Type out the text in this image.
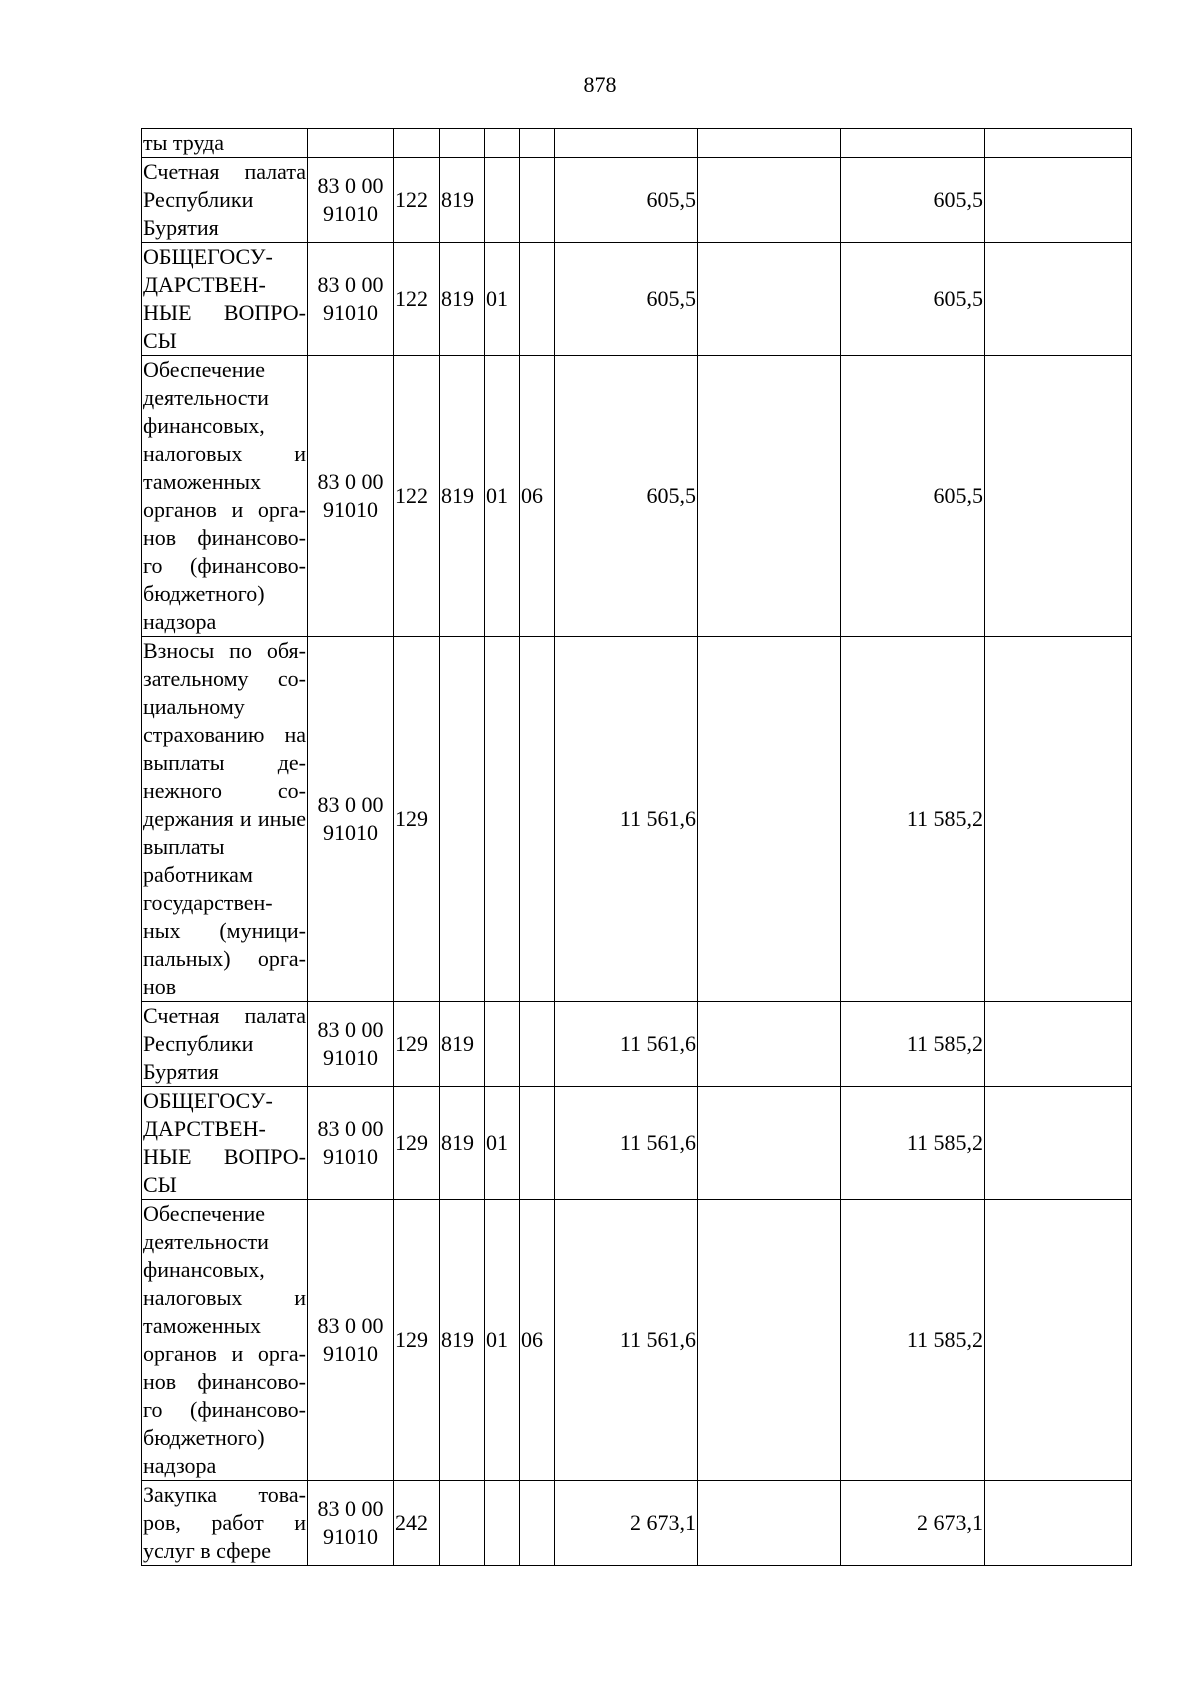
878
ты труда									
Счетная палата Республики Бурятия	83 0 00 91010	122	819			605,5		605,5	
ОБЩЕГОСУ-ДАРСТВЕН-НЫЕ ВОПРО-СЫ	83 0 00 91010	122	819	01		605,5		605,5	
Обеспечение деятельности финансовых, налоговых и таможенных органов и орга-нов финансово-го (финансово-бюджетного) надзора	83 0 00 91010	122	819	01	06	605,5		605,5	
Взносы по обя-зательному со-циальному страхованию на выплаты де-нежного со-держания и иные выплаты работникам государствен-ных (муници-пальных) орга-нов	83 0 00 91010	129				11 561,6		11 585,2	
Счетная палата Республики Бурятия	83 0 00 91010	129	819			11 561,6		11 585,2	
ОБЩЕГОСУ-ДАРСТВЕН-НЫЕ ВОПРО-СЫ	83 0 00 91010	129	819	01		11 561,6		11 585,2	
Обеспечение деятельности финансовых, налоговых и таможенных органов и орга-нов финансово-го (финансово-бюджетного) надзора	83 0 00 91010	129	819	01	06	11 561,6		11 585,2	
Закупка това-ров, работ и услуг в сфере	83 0 00 91010	242				2 673,1		2 673,1	
